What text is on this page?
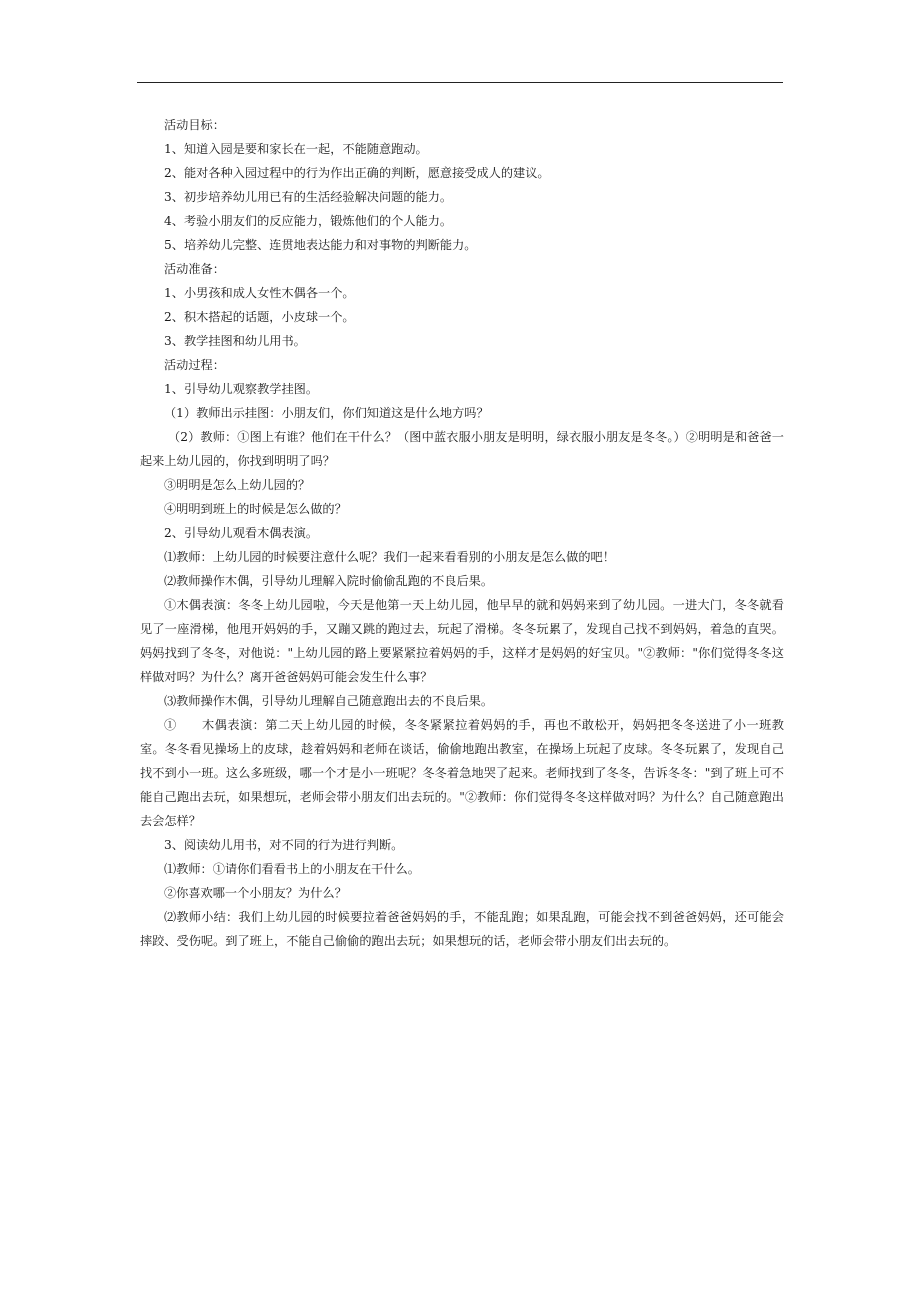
活动目标：

1、知道入园是要和家长在一起，不能随意跑动。

2、能对各种入园过程中的行为作出正确的判断，愿意接受成人的建议。

3、初步培养幼儿用已有的生活经验解决问题的能力。

4、考验小朋友们的反应能力，锻炼他们的个人能力。

5、培养幼儿完整、连贯地表达能力和对事物的判断能力。

活动准备：

1、小男孩和成人女性木偶各一个。

2、积木搭起的话题，小皮球一个。

3、教学挂图和幼儿用书。

活动过程：

1、引导幼儿观察教学挂图。

（1）教师出示挂图：小朋友们，你们知道这是什么地方吗？

（2）教师：①图上有谁？他们在干什么？（图中蓝衣服小朋友是明明，绿衣服小朋友是冬冬。）②明明是和爸爸一起来上幼儿园的，你找到明明了吗？

③明明是怎么上幼儿园的？

④明明到班上的时候是怎么做的？

2、引导幼儿观看木偶表演。

⑴教师：上幼儿园的时候要注意什么呢？我们一起来看看别的小朋友是怎么做的吧！

⑵教师操作木偶，引导幼儿理解入院时偷偷乱跑的不良后果。

①木偶表演：冬冬上幼儿园啦，今天是他第一天上幼儿园，他早早的就和妈妈来到了幼儿园。一进大门，冬冬就看见了一座滑梯，他甩开妈妈的手，又蹦又跳的跑过去，玩起了滑梯。冬冬玩累了，发现自己找不到妈妈，着急的直哭。妈妈找到了冬冬，对他说："上幼儿园的路上要紧紧拉着妈妈的手，这样才是妈妈的好宝贝。"②教师："你们觉得冬冬这样做对吗？为什么？离开爸爸妈妈可能会发生什么事？

⑶教师操作木偶，引导幼儿理解自己随意跑出去的不良后果。

①　　木偶表演：第二天上幼儿园的时候，冬冬紧紧拉着妈妈的手，再也不敢松开，妈妈把冬冬送进了小一班教室。冬冬看见操场上的皮球，趁着妈妈和老师在谈话，偷偷地跑出教室，在操场上玩起了皮球。冬冬玩累了，发现自己找不到小一班。这么多班级，哪一个才是小一班呢？冬冬着急地哭了起来。老师找到了冬冬，告诉冬冬："到了班上可不能自己跑出去玩，如果想玩，老师会带小朋友们出去玩的。"②教师：你们觉得冬冬这样做对吗？为什么？自己随意跑出去会怎样？

3、阅读幼儿用书，对不同的行为进行判断。

⑴教师：①请你们看看书上的小朋友在干什么。

②你喜欢哪一个小朋友？为什么？

⑵教师小结：我们上幼儿园的时候要拉着爸爸妈妈的手，不能乱跑；如果乱跑，可能会找不到爸爸妈妈，还可能会摔跤、受伤呢。到了班上，不能自己偷偷的跑出去玩；如果想玩的话，老师会带小朋友们出去玩的。
